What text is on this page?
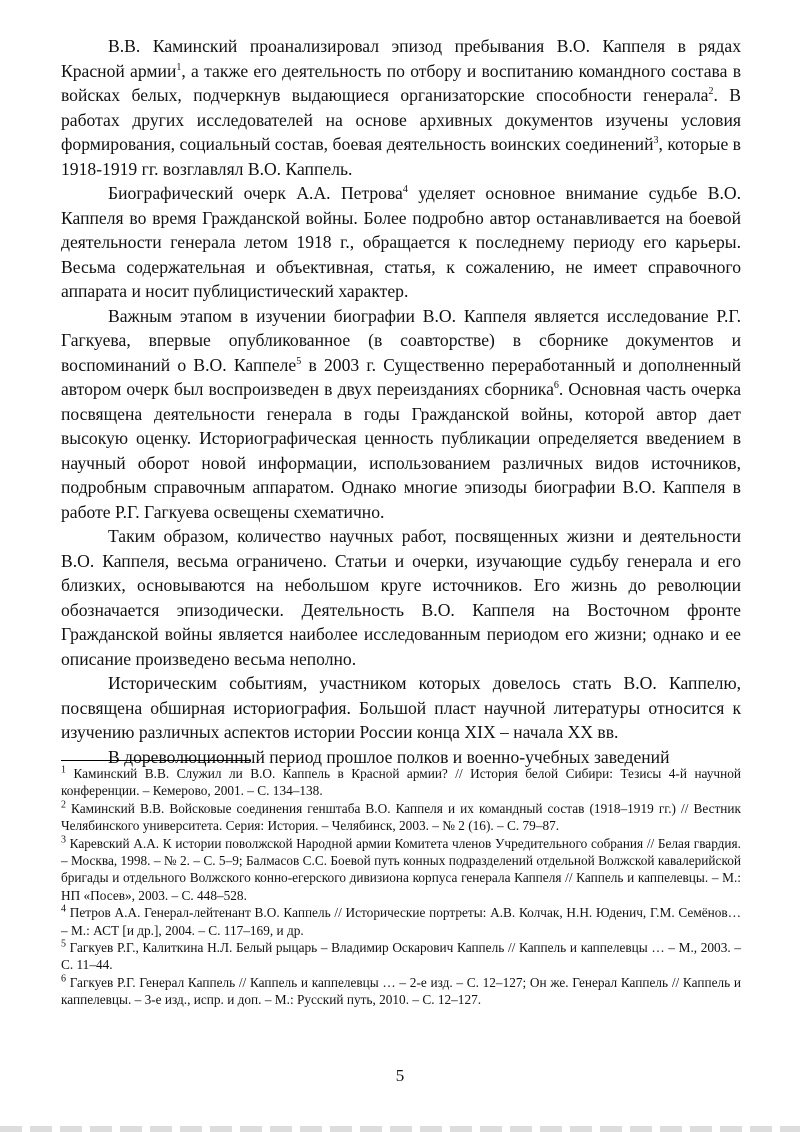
В.В. Каминский проанализировал эпизод пребывания В.О. Каппеля в рядах Красной армии$^1$, а также его деятельность по отбору и воспитанию командного состава в войсках белых, подчеркнув выдающиеся организаторские способности генерала$^2$. В работах других исследователей на основе архивных документов изучены условия формирования, социальный состав, боевая деятельность воинских соединений$^3$, которые в 1918-1919 гг. возглавлял В.О. Каппель.

Биографический очерк А.А. Петрова$^4$ уделяет основное внимание судьбе В.О. Каппеля во время Гражданской войны. Более подробно автор останавливается на боевой деятельности генерала летом 1918 г., обращается к последнему периоду его карьеры. Весьма содержательная и объективная, статья, к сожалению, не имеет справочного аппарата и носит публицистический характер.

Важным этапом в изучении биографии В.О. Каппеля является исследование Р.Г. Гагкуева, впервые опубликованное (в соавторстве) в сборнике документов и воспоминаний о В.О. Каппеле$^5$ в 2003 г. Существенно переработанный и дополненный автором очерк был воспроизведен в двух переизданиях сборника$^6$. Основная часть очерка посвящена деятельности генерала в годы Гражданской войны, которой автор дает высокую оценку. Историографическая ценность публикации определяется введением в научный оборот новой информации, использованием различных видов источников, подробным справочным аппаратом. Однако многие эпизоды биографии В.О. Каппеля в работе Р.Г. Гагкуева освещены схематично.

Таким образом, количество научных работ, посвященных жизни и деятельности В.О. Каппеля, весьма ограничено. Статьи и очерки, изучающие судьбу генерала и его близких, основываются на небольшом круге источников. Его жизнь до революции обозначается эпизодически. Деятельность В.О. Каппеля на Восточном фронте Гражданской войны является наиболее исследованным периодом его жизни; однако и ее описание произведено весьма неполно.

Историческим событиям, участником которых довелось стать В.О. Каппелю, посвящена обширная историография. Большой пласт научной литературы относится к изучению различных аспектов истории России конца XIX – начала XX вв.

В дореволюционный период прошлое полков и военно-учебных заведений

$^1$ Каминский В.В. Служил ли В.О. Каппель в Красной армии? // История белой Сибири: Тезисы 4-й научной конференции. – Кемерово, 2001. – С. 134–138.

$^2$ Каминский В.В. Войсковые соединения генштаба В.О. Каппеля и их командный состав (1918–1919 гг.) // Вестник Челябинского университета. Серия: История. – Челябинск, 2003. – № 2 (16). – С. 79–87.

$^3$ Каревский А.А. К истории поволжской Народной армии Комитета членов Учредительного собрания // Белая гвардия. – Москва, 1998. – № 2. – С. 5–9; Балмасов С.С. Боевой путь конных подразделений отдельной Волжской кавалерийской бригады и отдельного Волжского конно-егерского дивизиона корпуса генерала Каппеля // Каппель и каппелевцы. – М.: НП «Посев», 2003. – С. 448–528.

$^4$ Петров А.А. Генерал-лейтенант В.О. Каппель // Исторические портреты: А.В. Колчак, Н.Н. Юденич, Г.М. Семёнов… – М.: АСТ [и др.], 2004. – С. 117–169, и др.

$^5$ Гагкуев Р.Г., Калиткина Н.Л. Белый рыцарь – Владимир Оскарович Каппель // Каппель и каппелевцы … – М., 2003. – С. 11–44.

$^6$ Гагкуев Р.Г. Генерал Каппель // Каппель и каппелевцы … – 2-е изд. – С. 12–127; Он же. Генерал Каппель // Каппель и каппелевцы. – 3-е изд., испр. и доп. – М.: Русский путь, 2010. – С. 12–127.

5
